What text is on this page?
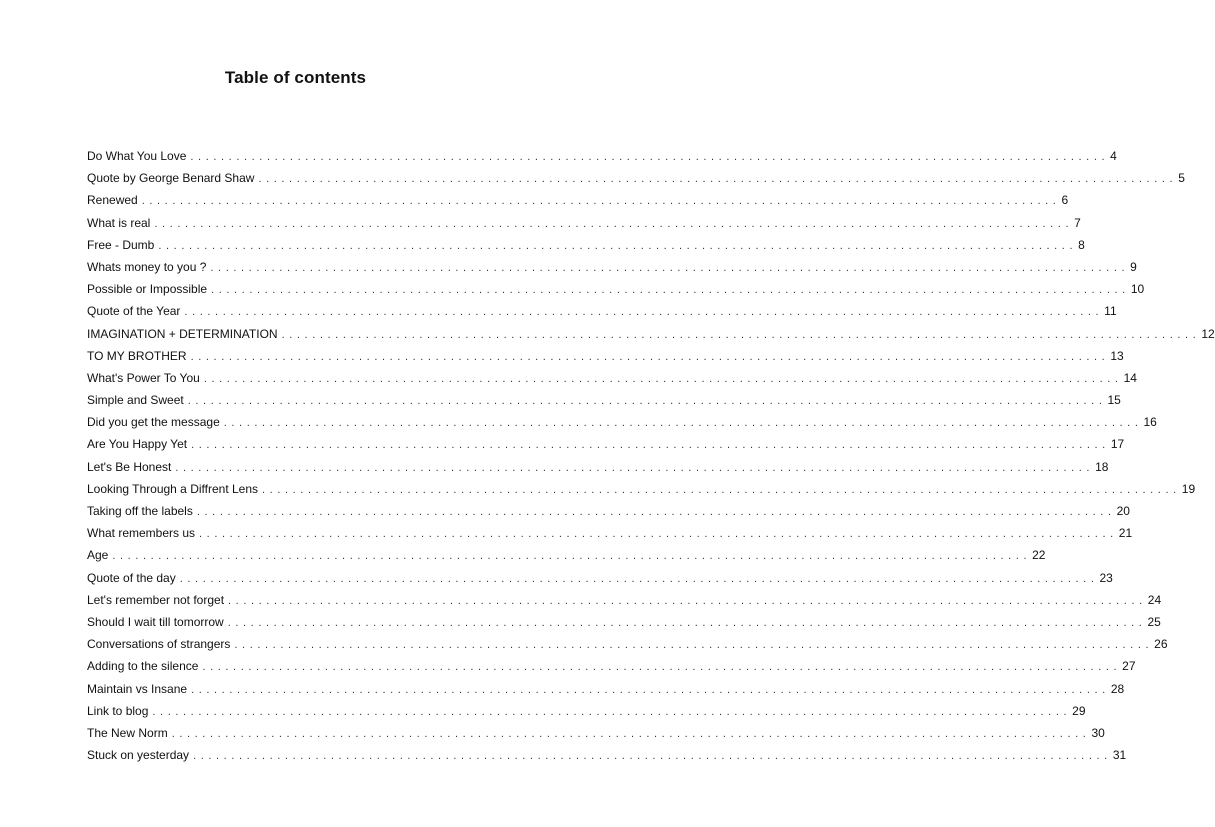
Table of contents
Do What You Love ........................................................................................................................ 4
Quote by George Benard Shaw ........................................................................................................................ 5
Renewed ........................................................................................................................ 6
What is real ........................................................................................................................ 7
Free - Dumb ........................................................................................................................ 8
Whats money to you ? ........................................................................................................................ 9
Possible or Impossible ........................................................................................................................ 10
Quote of the Year ........................................................................................................................ 11
IMAGINATION + DETERMINATION ........................................................................................................................ 12
TO MY BROTHER ........................................................................................................................ 13
What's Power To You ........................................................................................................................ 14
Simple and Sweet ........................................................................................................................ 15
Did you get the message ........................................................................................................................ 16
Are You Happy Yet ........................................................................................................................ 17
Let's Be Honest ........................................................................................................................ 18
Looking Through a Diffrent Lens ........................................................................................................................ 19
Taking off the labels ........................................................................................................................ 20
What remembers us ........................................................................................................................ 21
Age ........................................................................................................................ 22
Quote of the day ........................................................................................................................ 23
Let's remember not forget ........................................................................................................................ 24
Should I wait till tomorrow ........................................................................................................................ 25
Conversations of strangers ........................................................................................................................ 26
Adding to the silence ........................................................................................................................ 27
Maintain vs Insane ........................................................................................................................ 28
Link to blog ........................................................................................................................ 29
The New Norm ........................................................................................................................ 30
Stuck on yesterday ........................................................................................................................ 31
